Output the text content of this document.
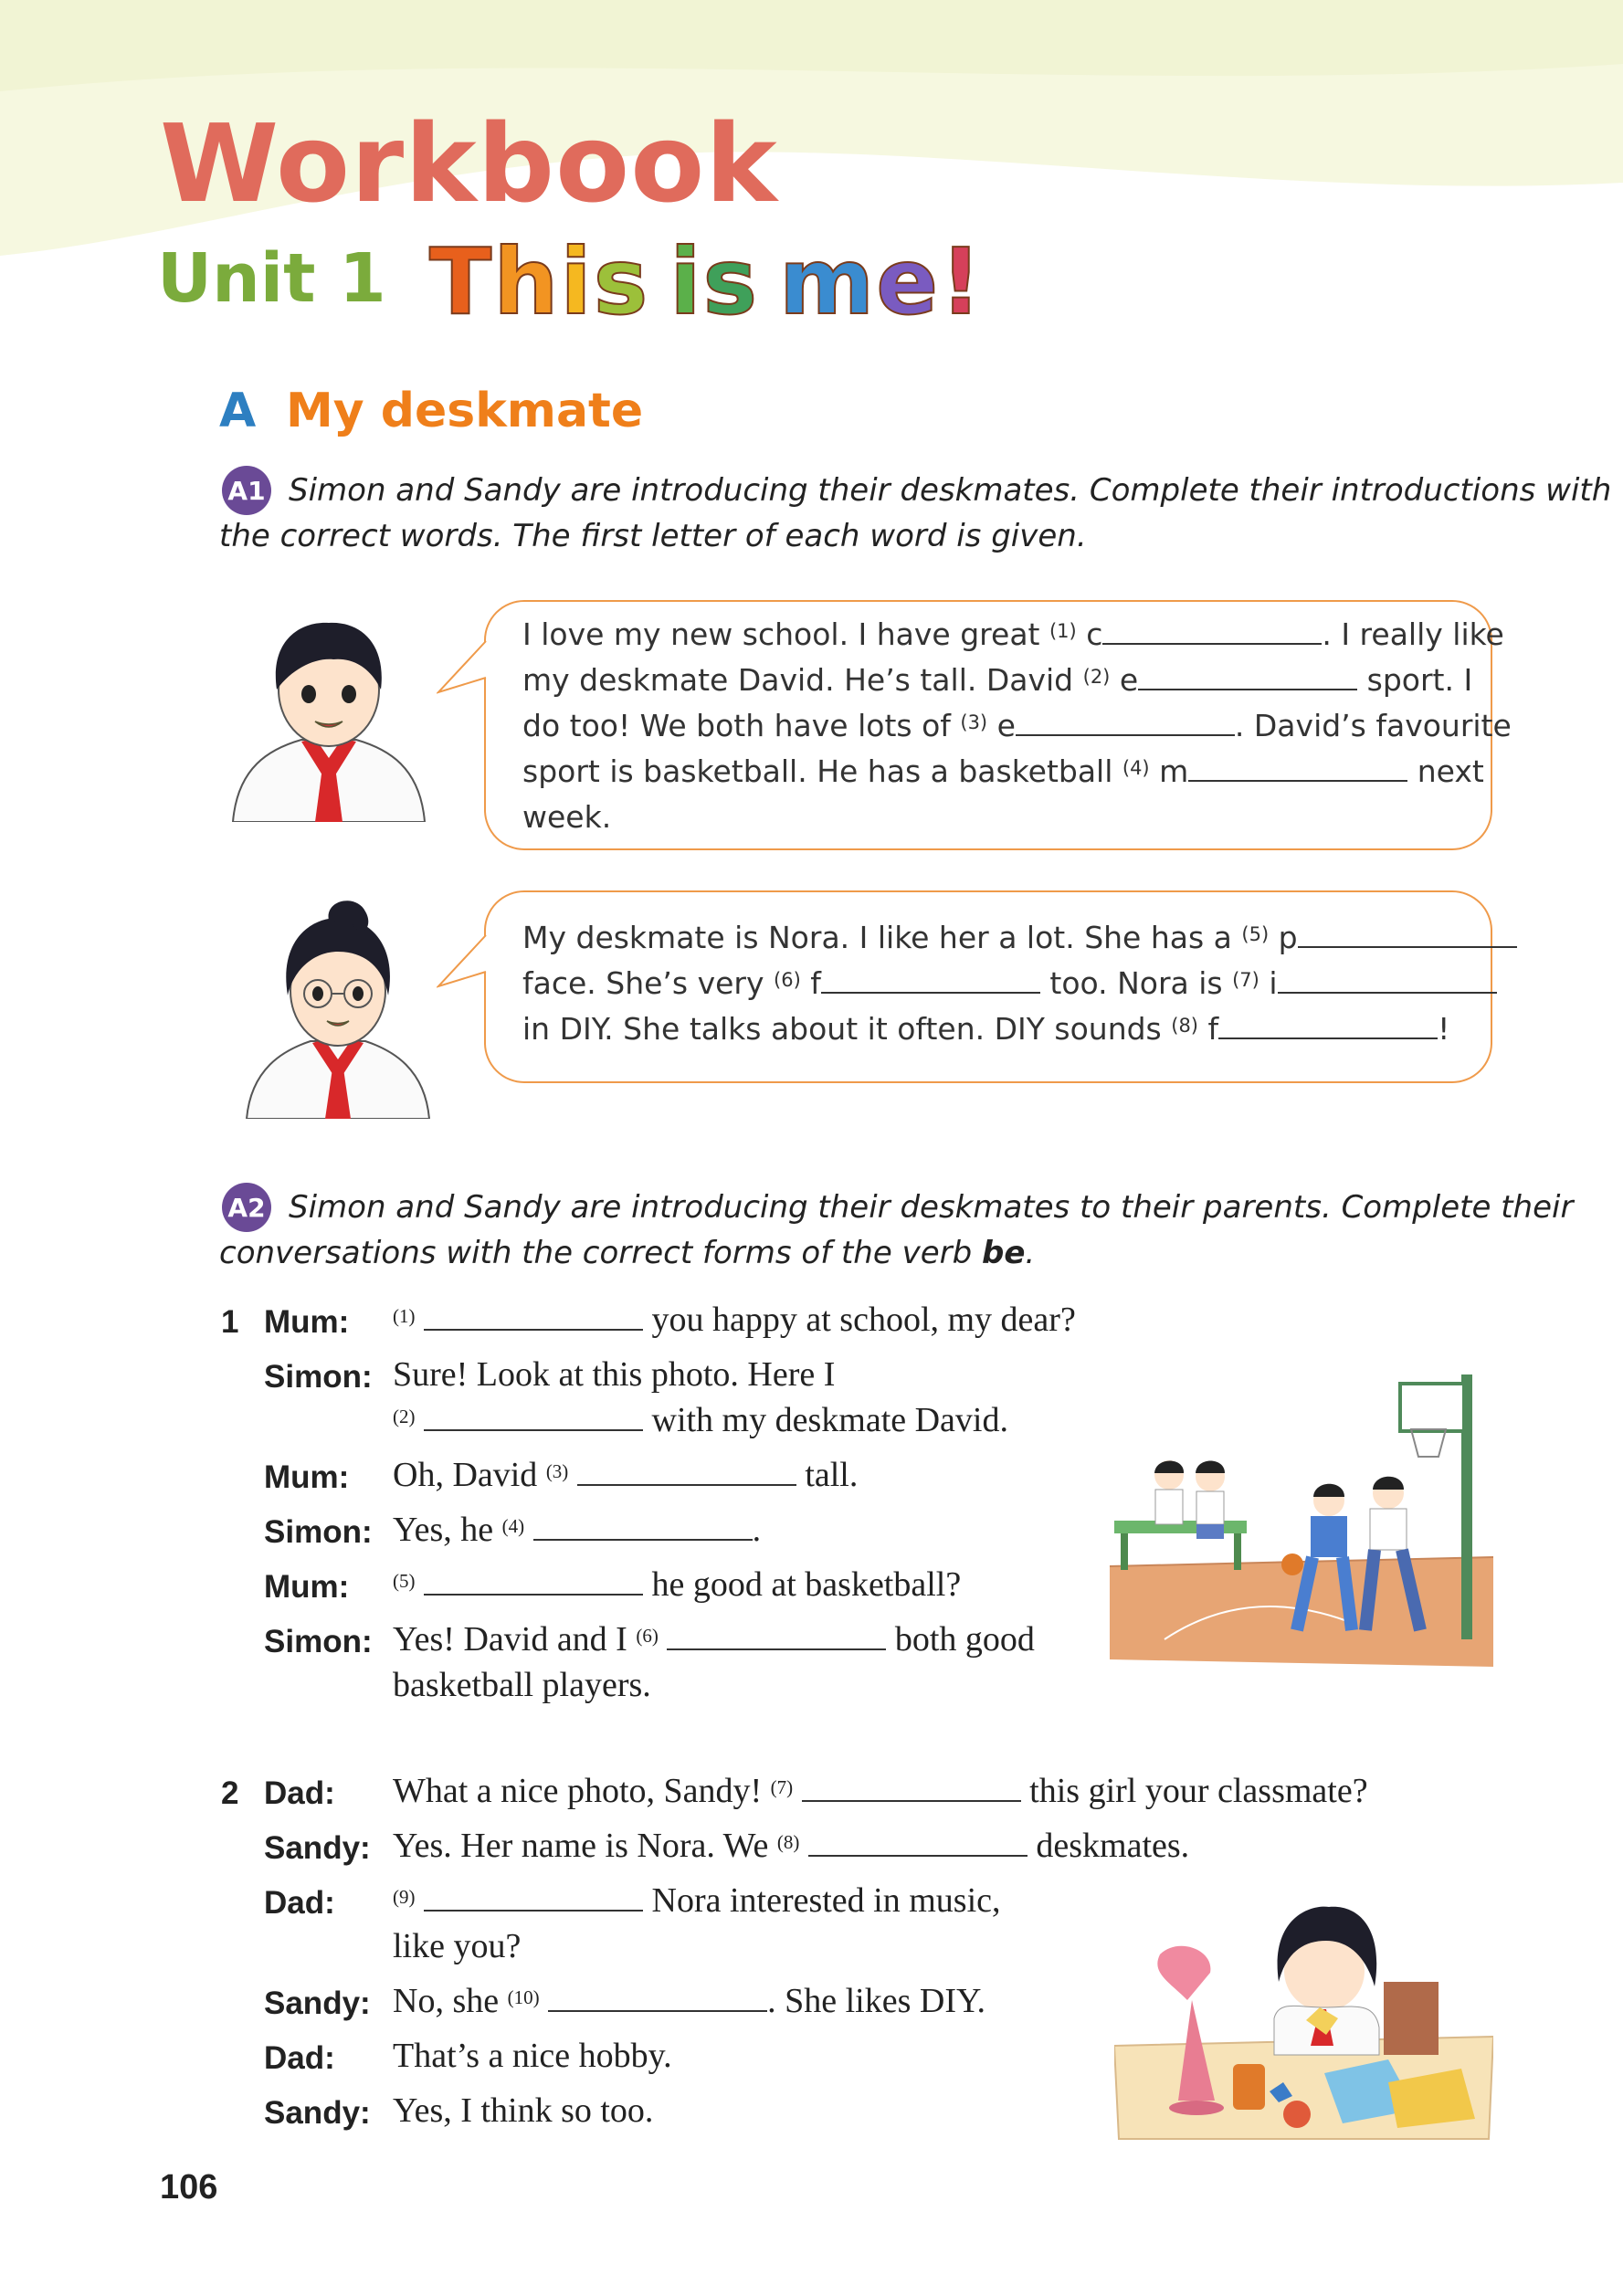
Workbook
Unit 1 This is me!
A My deskmate
A1 Simon and Sandy are introducing their deskmates. Complete their introductions with
the correct words. The first letter of each word is given.
I love my new school. I have great $^{(1)}$ c	. I really like
my deskmate David. He’s tall. David $^{(2)}$ e	sport. I
do too! We both have lots of $^{(3)}$ e	. David’s favourite
sport is basketball. He has a basketball $^{(4)}$ m	next
week.
My deskmate is Nora. I like her a lot. She has a $^{(5)}$ p
face. She’s very $^{(6)}$ f	too. Nora is $^{(7)}$ i
in DIY. She talks about it often. DIY sounds $^{(8)}$ f	!
A2 Simon and Sandy are introducing their deskmates to their parents. Complete their
conversations with the correct forms of the verb be.
1 Mum: $^{(1)}$	you happy at school, my dear?
Simon: Sure! Look at this photo. Here I
$^{(2)}$	with my deskmate David.
Mum: Oh, David $^{(3)}$	tall.
Simon: Yes, he $^{(4)}$	.
Mum: $^{(5)}$	he good at basketball?
Simon: Yes! David and I $^{(6)}$	both good
basketball players.
2 Dad: What a nice photo, Sandy! $^{(7)}$	this girl your classmate?
Sandy: Yes. Her name is Nora. We $^{(8)}$	deskmates.
Dad:	$^{(9)}$	Nora interested in music,
like you?
Sandy: No, she $^{(10)}$	. She likes DIY.
Dad: That’s a nice hobby.
Sandy: Yes, I think so too.
106
